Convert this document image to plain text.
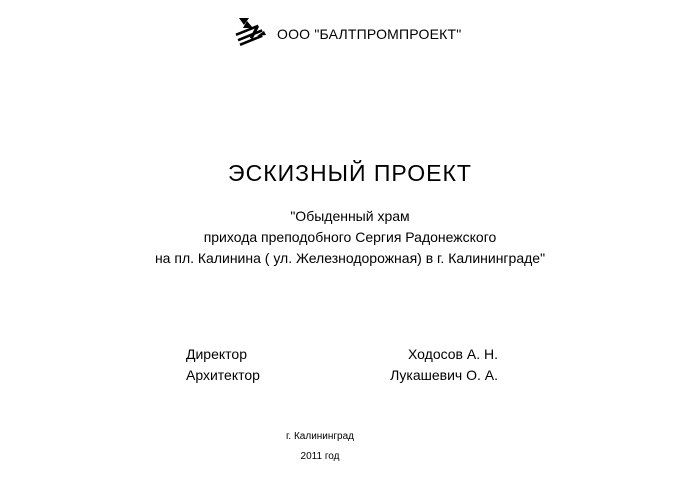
ООО "БАЛТПРОМПРОЕКТ"
ЭСКИЗНЫЙ ПРОЕКТ
"Обыденный храм
прихода преподобного Сергия Радонежского
на пл. Калинина ( ул. Железнодорожная) в г. Калининграде"
Директор	Ходосов А. Н.
Архитектор	Лукашевич О. А.
г. Калининград
2011 год
